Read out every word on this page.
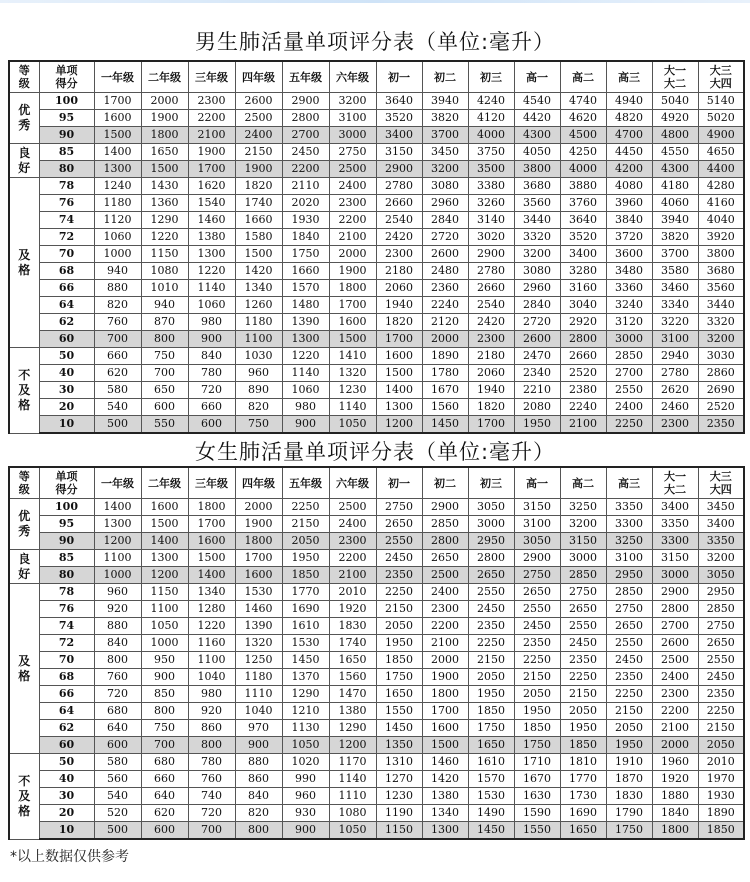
男生肺活量单项评分表（单位:毫升）
等级	单项得分	一年级	二年级	三年级	四年级	五年级	六年级	初一	初二	初三	高一	高二	高三	大一大二	大三大四
优秀	100	1700	2000	2300	2600	2900	3200	3640	3940	4240	4540	4740	4940	5040	5140
	95	1600	1900	2200	2500	2800	3100	3520	3820	4120	4420	4620	4820	4920	5020
	90	1500	1800	2100	2400	2700	3000	3400	3700	4000	4300	4500	4700	4800	4900
良好	85	1400	1650	1900	2150	2450	2750	3150	3450	3750	4050	4250	4450	4550	4650
	80	1300	1500	1700	1900	2200	2500	2900	3200	3500	3800	4000	4200	4300	4400
及格	78	1240	1430	1620	1820	2110	2400	2780	3080	3380	3680	3880	4080	4180	4280
	76	1180	1360	1540	1740	2020	2300	2660	2960	3260	3560	3760	3960	4060	4160
	74	1120	1290	1460	1660	1930	2200	2540	2840	3140	3440	3640	3840	3940	4040
	72	1060	1220	1380	1580	1840	2100	2420	2720	3020	3320	3520	3720	3820	3920
	70	1000	1150	1300	1500	1750	2000	2300	2600	2900	3200	3400	3600	3700	3800
	68	940	1080	1220	1420	1660	1900	2180	2480	2780	3080	3280	3480	3580	3680
	66	880	1010	1140	1340	1570	1800	2060	2360	2660	2960	3160	3360	3460	3560
	64	820	940	1060	1260	1480	1700	1940	2240	2540	2840	3040	3240	3340	3440
	62	760	870	980	1180	1390	1600	1820	2120	2420	2720	2920	3120	3220	3320
	60	700	800	900	1100	1300	1500	1700	2000	2300	2600	2800	3000	3100	3200
不及格	50	660	750	840	1030	1220	1410	1600	1890	2180	2470	2660	2850	2940	3030
	40	620	700	780	960	1140	1320	1500	1780	2060	2340	2520	2700	2780	2860
	30	580	650	720	890	1060	1230	1400	1670	1940	2210	2380	2550	2620	2690
	20	540	600	660	820	980	1140	1300	1560	1820	2080	2240	2400	2460	2520
	10	500	550	600	750	900	1050	1200	1450	1700	1950	2100	2250	2300	2350
女生肺活量单项评分表（单位:毫升）
等级	单项得分	一年级	二年级	三年级	四年级	五年级	六年级	初一	初二	初三	高一	高二	高三	大一大二	大三大四
优秀	100	1400	1600	1800	2000	2250	2500	2750	2900	3050	3150	3250	3350	3400	3450
	95	1300	1500	1700	1900	2150	2400	2650	2850	3000	3100	3200	3300	3350	3400
	90	1200	1400	1600	1800	2050	2300	2550	2800	2950	3050	3150	3250	3300	3350
良好	85	1100	1300	1500	1700	1950	2200	2450	2650	2800	2900	3000	3100	3150	3200
	80	1000	1200	1400	1600	1850	2100	2350	2500	2650	2750	2850	2950	3000	3050
及格	78	960	1150	1340	1530	1770	2010	2250	2400	2550	2650	2750	2850	2900	2950
	76	920	1100	1280	1460	1690	1920	2150	2300	2450	2550	2650	2750	2800	2850
	74	880	1050	1220	1390	1610	1830	2050	2200	2350	2450	2550	2650	2700	2750
	72	840	1000	1160	1320	1530	1740	1950	2100	2250	2350	2450	2550	2600	2650
	70	800	950	1100	1250	1450	1650	1850	2000	2150	2250	2350	2450	2500	2550
	68	760	900	1040	1180	1370	1560	1750	1900	2050	2150	2250	2350	2400	2450
	66	720	850	980	1110	1290	1470	1650	1800	1950	2050	2150	2250	2300	2350
	64	680	800	920	1040	1210	1380	1550	1700	1850	1950	2050	2150	2200	2250
	62	640	750	860	970	1130	1290	1450	1600	1750	1850	1950	2050	2100	2150
	60	600	700	800	900	1050	1200	1350	1500	1650	1750	1850	1950	2000	2050
不及格	50	580	680	780	880	1020	1170	1310	1460	1610	1710	1810	1910	1960	2010
	40	560	660	760	860	990	1140	1270	1420	1570	1670	1770	1870	1920	1970
	30	540	640	740	840	960	1110	1230	1380	1530	1630	1730	1830	1880	1930
	20	520	620	720	820	930	1080	1190	1340	1490	1590	1690	1790	1840	1890
	10	500	600	700	800	900	1050	1150	1300	1450	1550	1650	1750	1800	1850
*以上数据仅供参考
